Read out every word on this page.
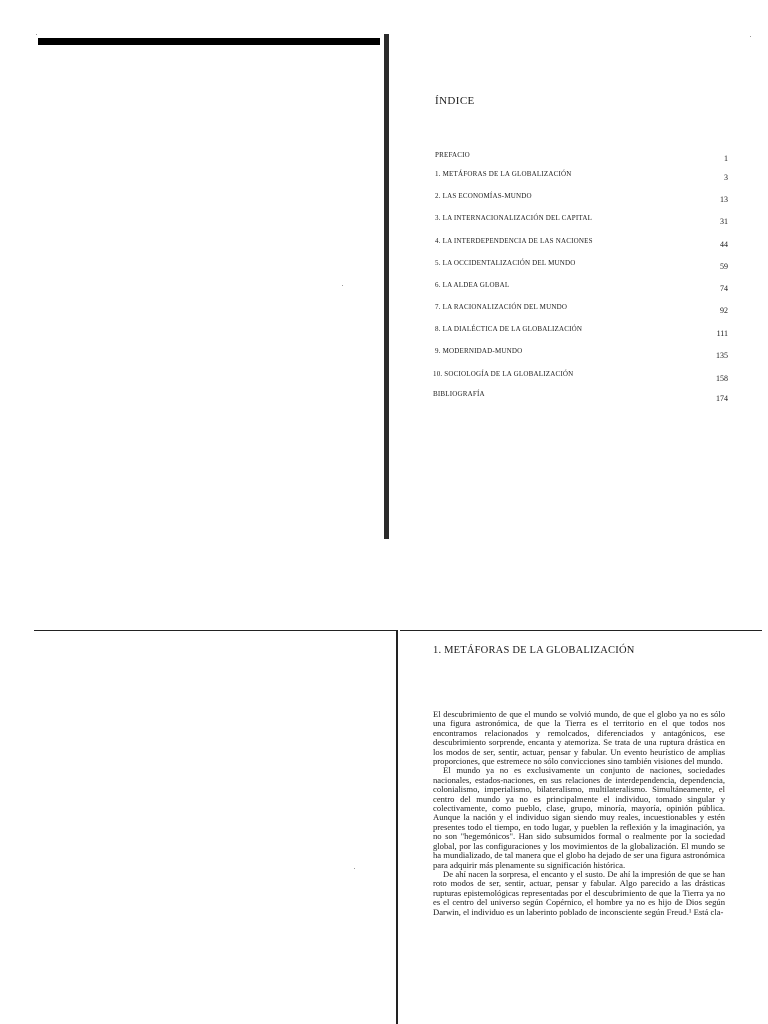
ÍNDICE
PREFACIO	1
1. METÁFORAS DE LA GLOBALIZACIÓN	3
2. LAS ECONOMÍAS-MUNDO	13
3. LA INTERNACIONALIZACIÓN DEL CAPITAL	31
4. LA INTERDEPENDENCIA DE LAS NACIONES	44
5. LA OCCIDENTALIZACIÓN DEL MUNDO	59
6. LA ALDEA GLOBAL	74
7. LA RACIONALIZACIÓN DEL MUNDO	92
8. LA DIALÉCTICA DE LA GLOBALIZACIÓN	111
9. MODERNIDAD-MUNDO	135
10. SOCIOLOGÍA DE LA GLOBALIZACIÓN	158
BIBLIOGRAFÍA	174
1. METÁFORAS DE LA GLOBALIZACIÓN

El descubrimiento de que el mundo se volvió mundo, de que el globo ya no es sólo una figura astronómica, de que la Tierra es el territorio en el que todos nos encontramos relacionados y remolcados, diferenciados y antagónicos, ese descubrimiento sorprende, encanta y atemoriza. Se trata de una ruptura drástica en los modos de ser, sentir, actuar, pensar y fabular. Un evento heurístico de amplias proporciones, que estremece no sólo convicciones sino también visiones del mundo.

El mundo ya no es exclusivamente un conjunto de naciones, sociedades nacionales, estados-naciones, en sus relaciones de interdependencia, dependencia, colonialismo, imperialismo, bilateralismo, multilateralismo. Simultáneamente, el centro del mundo ya no es principalmente el individuo, tomado singular y colectivamente, como pueblo, clase, grupo, minoría, mayoría, opinión pública. Aunque la nación y el individuo sigan siendo muy reales, incuestionables y estén presentes todo el tiempo, en todo lugar, y pueblen la reflexión y la imaginación, ya no son "hegemónicos". Han sido subsumidos formal o realmente por la sociedad global, por las configuraciones y los movimientos de la globalización. El mundo se ha mundializado, de tal manera que el globo ha dejado de ser una figura astronómica para adquirir más plenamente su significación histórica.

De ahí nacen la sorpresa, el encanto y el susto. De ahí la impresión de que se han roto modos de ser, sentir, actuar, pensar y fabular. Algo parecido a las drásticas rupturas epistemológicas representadas por el descubrimiento de que la Tierra ya no es el centro del universo según Copérnico, el hombre ya no es hijo de Dios según Darwin, el individuo es un laberinto poblado de inconsciente según Freud.¹ Está cla-
